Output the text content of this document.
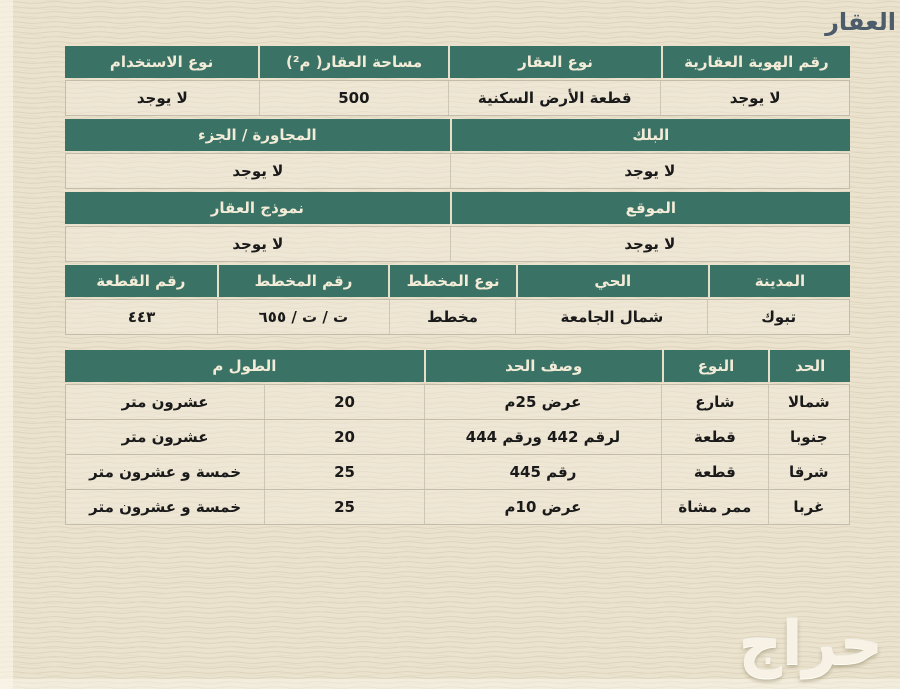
العقار
رقم الهوية العقارية
نوع العقار
مساحة العقار( م²)
نوع الاستخدام
لا يوجد
قطعة الأرض السكنية
500
لا يوجد
البلك
المجاورة / الجزء
لا يوجد
لا يوجد
الموقع
نموذج العقار
لا يوجد
لا يوجد
المدينة
الحي
نوع المخطط
رقم المخطط
رقم القطعة
تبوك
شمال الجامعة
مخطط
ت / ت / ٦٥٥
٤٤٣
الحد
النوع
وصف الحد
الطول م
شمالا
شارع
عرض 25م
20
عشرون متر
جنوبا
قطعة
لرقم 442 ورقم 444
20
عشرون متر
شرقا
قطعة
رقم 445
25
خمسة و عشرون متر
غربا
ممر مشاة
عرض 10م
25
خمسة و عشرون متر
حراج
